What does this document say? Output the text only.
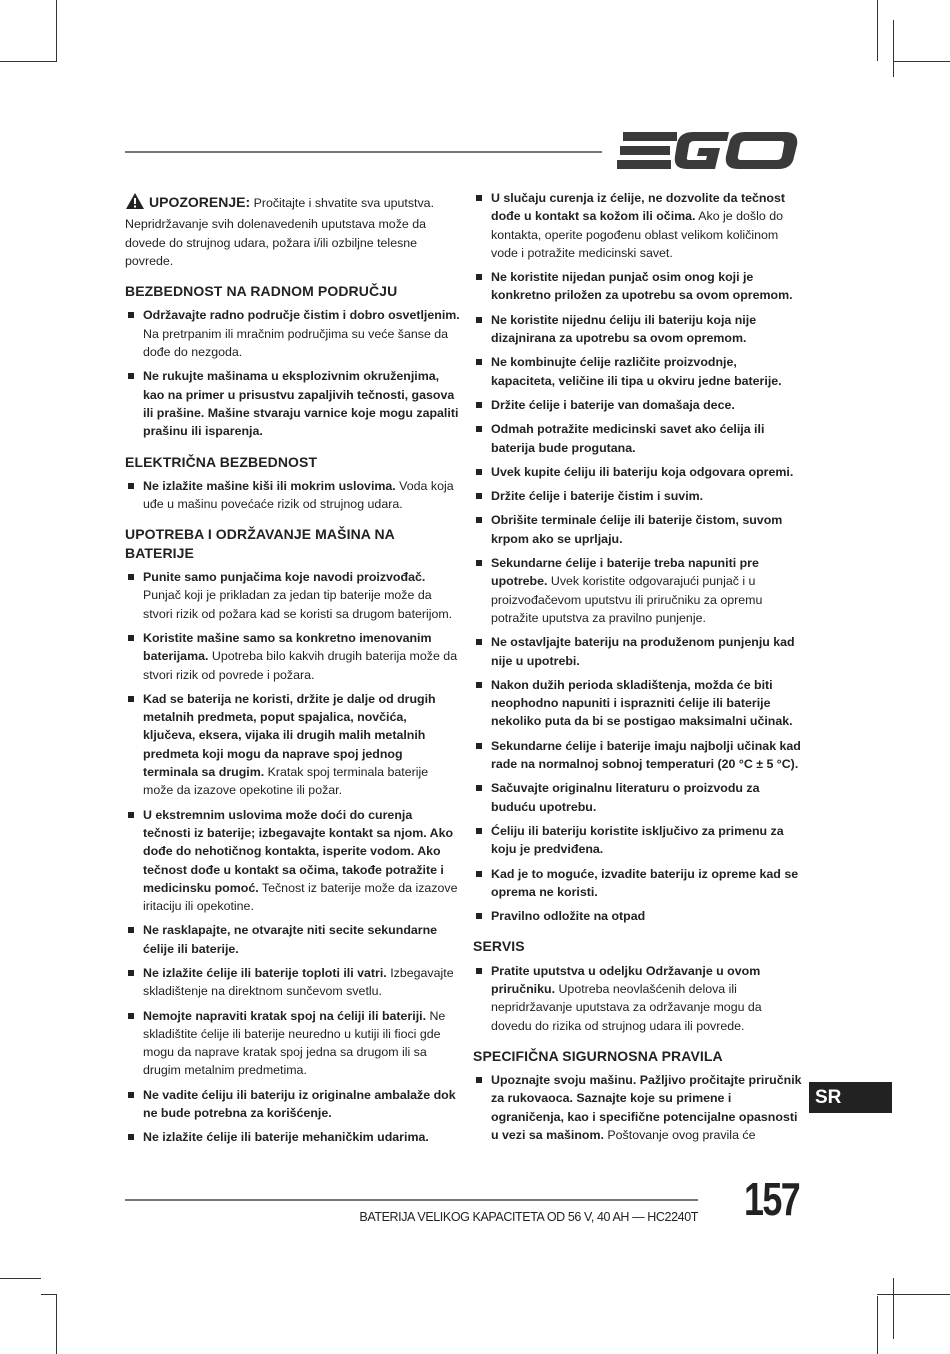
UPOZORENJE: Pročitajte i shvatite sva uputstva. Nepridržavanje svih dolenavedenih uputstava može da dovede do strujnog udara, požara i/ili ozbiljne telesne povrede.

BEZBEDNOST NA RADNOM PODRUČJU
Održavajte radno područje čistim i dobro osvetljenim. Na pretrpanim ili mračnim područjima su veće šanse da dođe do nezgoda.
Ne rukujte mašinama u eksplozivnim okruženjima, kao na primer u prisustvu zapaljivih tečnosti, gasova ili prašine. Mašine stvaraju varnice koje mogu zapaliti prašinu ili isparenja.
ELEKTRIČNA BEZBEDNOST
Ne izlažite mašine kiši ili mokrim uslovima. Voda koja uđe u mašinu povećaće rizik od strujnog udara.
UPOTREBA I ODRŽAVANJE MAŠINA NA BATERIJE
Punite samo punjačima koje navodi proizvođač. Punjač koji je prikladan za jedan tip baterije može da stvori rizik od požara kad se koristi sa drugom baterijom.
Koristite mašine samo sa konkretno imenovanim baterijama. Upotreba bilo kakvih drugih baterija može da stvori rizik od povrede i požara.
Kad se baterija ne koristi, držite je dalje od drugih metalnih predmeta, poput spajalica, novčića, ključeva, eksera, vijaka ili drugih malih metalnih predmeta koji mogu da naprave spoj jednog terminala sa drugim. Kratak spoj terminala baterije može da izazove opekotine ili požar.
U ekstremnim uslovima može doći do curenja tečnosti iz baterije; izbegavajte kontakt sa njom. Ako dođe do nehotičnog kontakta, isperite vodom. Ako tečnost dođe u kontakt sa očima, takođe potražite i medicinsku pomoć. Tečnost iz baterije može da izazove iritaciju ili opekotine.
Ne rasklapajte, ne otvarajte niti secite sekundarne ćelije ili baterije.
Ne izlažite ćelije ili baterije toploti ili vatri. Izbegavajte skladištenje na direktnom sunčevom svetlu.
Nemojte napraviti kratak spoj na ćeliji ili bateriji. Ne skladištite ćelije ili baterije neuredno u kutiji ili fioci gde mogu da naprave kratak spoj jedna sa drugom ili sa drugim metalnim predmetima.
Ne vadite ćeliju ili bateriju iz originalne ambalaže dok ne bude potrebna za korišćenje.
Ne izlažite ćelije ili baterije mehaničkim udarima.
U slučaju curenja iz ćelije, ne dozvolite da tečnost dođe u kontakt sa kožom ili očima. Ako je došlo do kontakta, operite pogođenu oblast velikom količinom vode i potražite medicinski savet.
Ne koristite nijedan punjač osim onog koji je konkretno priložen za upotrebu sa ovom opremom.
Ne koristite nijednu ćeliju ili bateriju koja nije dizajnirana za upotrebu sa ovom opremom.
Ne kombinujte ćelije različite proizvodnje, kapaciteta, veličine ili tipa u okviru jedne baterije.
Držite ćelije i baterije van domašaja dece.
Odmah potražite medicinski savet ako ćelija ili baterija bude progutana.
Uvek kupite ćeliju ili bateriju koja odgovara opremi.
Držite ćelije i baterije čistim i suvim.
Obrišite terminale ćelije ili baterije čistom, suvom krpom ako se uprljaju.
Sekundarne ćelije i baterije treba napuniti pre upotrebe. Uvek koristite odgovarajući punjač i u proizvođačevom uputstvu ili priručniku za opremu potražite uputstva za pravilno punjenje.
Ne ostavljajte bateriju na produženom punjenju kad nije u upotrebi.
Nakon dužih perioda skladištenja, možda će biti neophodno napuniti i isprazniti ćelije ili baterije nekoliko puta da bi se postigao maksimalni učinak.
Sekundarne ćelije i baterije imaju najbolji učinak kad rade na normalnoj sobnoj temperaturi (20 °C ± 5 °C).
Sačuvajte originalnu literaturu o proizvodu za buduću upotrebu.
Ćeliju ili bateriju koristite isključivo za primenu za koju je predviđena.
Kad je to moguće, izvadite bateriju iz opreme kad se oprema ne koristi.
Pravilno odložite na otpad
SERVIS
Pratite uputstva u odeljku Održavanje u ovom priručniku. Upotreba neovlašćenih delova ili nepridržavanje uputstava za održavanje mogu da dovedu do rizika od strujnog udara ili povrede.
SPECIFIČNA SIGURNOSNA PRAVILA
Upoznajte svoju mašinu. Pažljivo pročitajte priručnik za rukovaoca. Saznajte koje su primene i ograničenja, kao i specifične potencijalne opasnosti u vezi sa mašinom. Poštovanje ovog pravila će
SR
BATERIJA VELIKOG KAPACITETA OD 56 V, 40 AH — HC2240T 157
